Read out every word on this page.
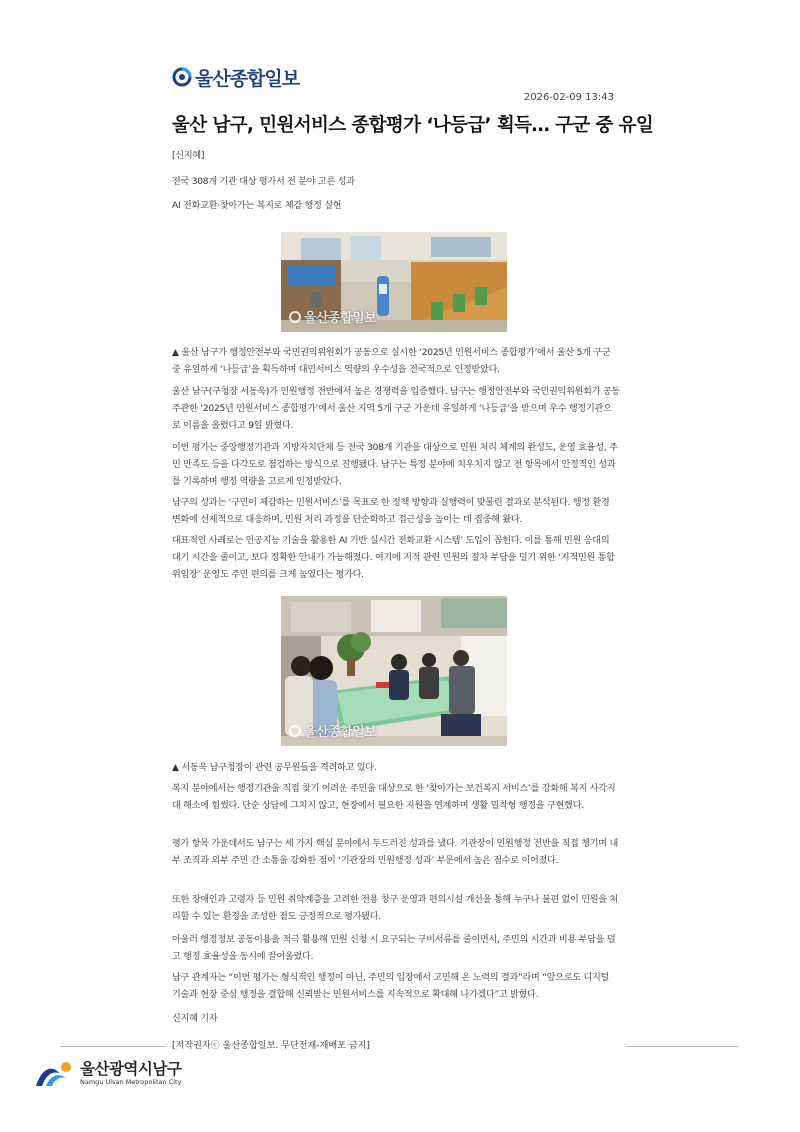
울산종합일보
2026-02-09 13:43
울산 남구, 민원서비스 종합평가 ‘나등급’ 획득… 구군 중 유일
[신지혜]
전국 308개 기관 대상 평가서 전 분야 고른 성과
AI 전화교환·찾아가는 복지로 체감 행정 실현
울산종합일보
▲ 울산 남구가 행정안전부와 국민권익위원회가 공동으로 실시한 ‘2025년 민원서비스 종합평가’에서 울산 5개 구군 중 유일하게 ‘나등급’을 획득하며 대민서비스 역량의 우수성을 전국적으로 인정받았다.
울산 남구(구청장 서동욱)가 민원행정 전반에서 높은 경쟁력을 입증했다. 남구는 행정안전부와 국민권익위원회가 공동 주관한 ‘2025년 민원서비스 종합평가’에서 울산 지역 5개 구군 가운데 유일하게 ‘나등급’을 받으며 우수 행정기관으로 이름을 올렸다고 9일 밝혔다.
이번 평가는 중앙행정기관과 지방자치단체 등 전국 308개 기관을 대상으로 민원 처리 체계의 완성도, 운영 효율성, 주민 만족도 등을 다각도로 점검하는 방식으로 진행됐다. 남구는 특정 분야에 치우치지 않고 전 항목에서 안정적인 성과를 기록하며 행정 역량을 고르게 인정받았다.
남구의 성과는 ‘구민이 체감하는 민원서비스’를 목표로 한 정책 방향과 실행력이 맞물린 결과로 분석된다. 행정 환경 변화에 선제적으로 대응하며, 민원 처리 과정을 단순화하고 접근성을 높이는 데 집중해 왔다.
대표적인 사례로는 인공지능 기술을 활용한 AI 기반 실시간 전화교환 시스템’ 도입이 꼽힌다. 이를 통해 민원 응대의 대기 시간을 줄이고, 보다 정확한 안내가 가능해졌다. 여기에 지적 관련 민원의 절차 부담을 덜기 위한 ‘지적민원 통합위임장’ 운영도 주민 편의를 크게 높였다는 평가다.
울산종합일보
▲ 서동욱 남구청장이 관련 공무원들을 격려하고 있다.
복지 분야에서는 행정기관을 직접 찾기 어려운 주민을 대상으로 한 ‘찾아가는 보건복지 서비스’를 강화해 복지 사각지대 해소에 힘썼다. 단순 상담에 그치지 않고, 현장에서 필요한 지원을 연계하며 생활 밀착형 행정을 구현했다.
평가 항목 가운데서도 남구는 세 가지 핵심 분야에서 두드러진 성과를 냈다. 기관장이 민원행정 전반을 직접 챙기며 내부 조직과 외부 주민 간 소통을 강화한 점이 ‘기관장의 민원행정 성과’ 부문에서 높은 점수로 이어졌다.
또한 장애인과 고령자 등 민원 취약계층을 고려한 전용 창구 운영과 편의시설 개선을 통해 누구나 불편 없이 민원을 처리할 수 있는 환경을 조성한 점도 긍정적으로 평가됐다.
아울러 행정정보 공동이용을 적극 활용해 민원 신청 시 요구되는 구비서류를 줄이면서, 주민의 시간과 비용 부담을 덜고 행정 효율성을 동시에 끌어올렸다.
남구 관계자는 “이번 평가는 형식적인 행정이 아닌, 주민의 입장에서 고민해 온 노력의 결과”라며 “앞으로도 디지털 기술과 현장 중심 행정을 결합해 신뢰받는 민원서비스를 지속적으로 확대해 나가겠다”고 밝혔다.
신지혜 기자
[저작권자ⓒ 울산종합일보. 무단전재-재배포 금지]
울산광역시남구
Namgu Ulsan Metropolitan City
